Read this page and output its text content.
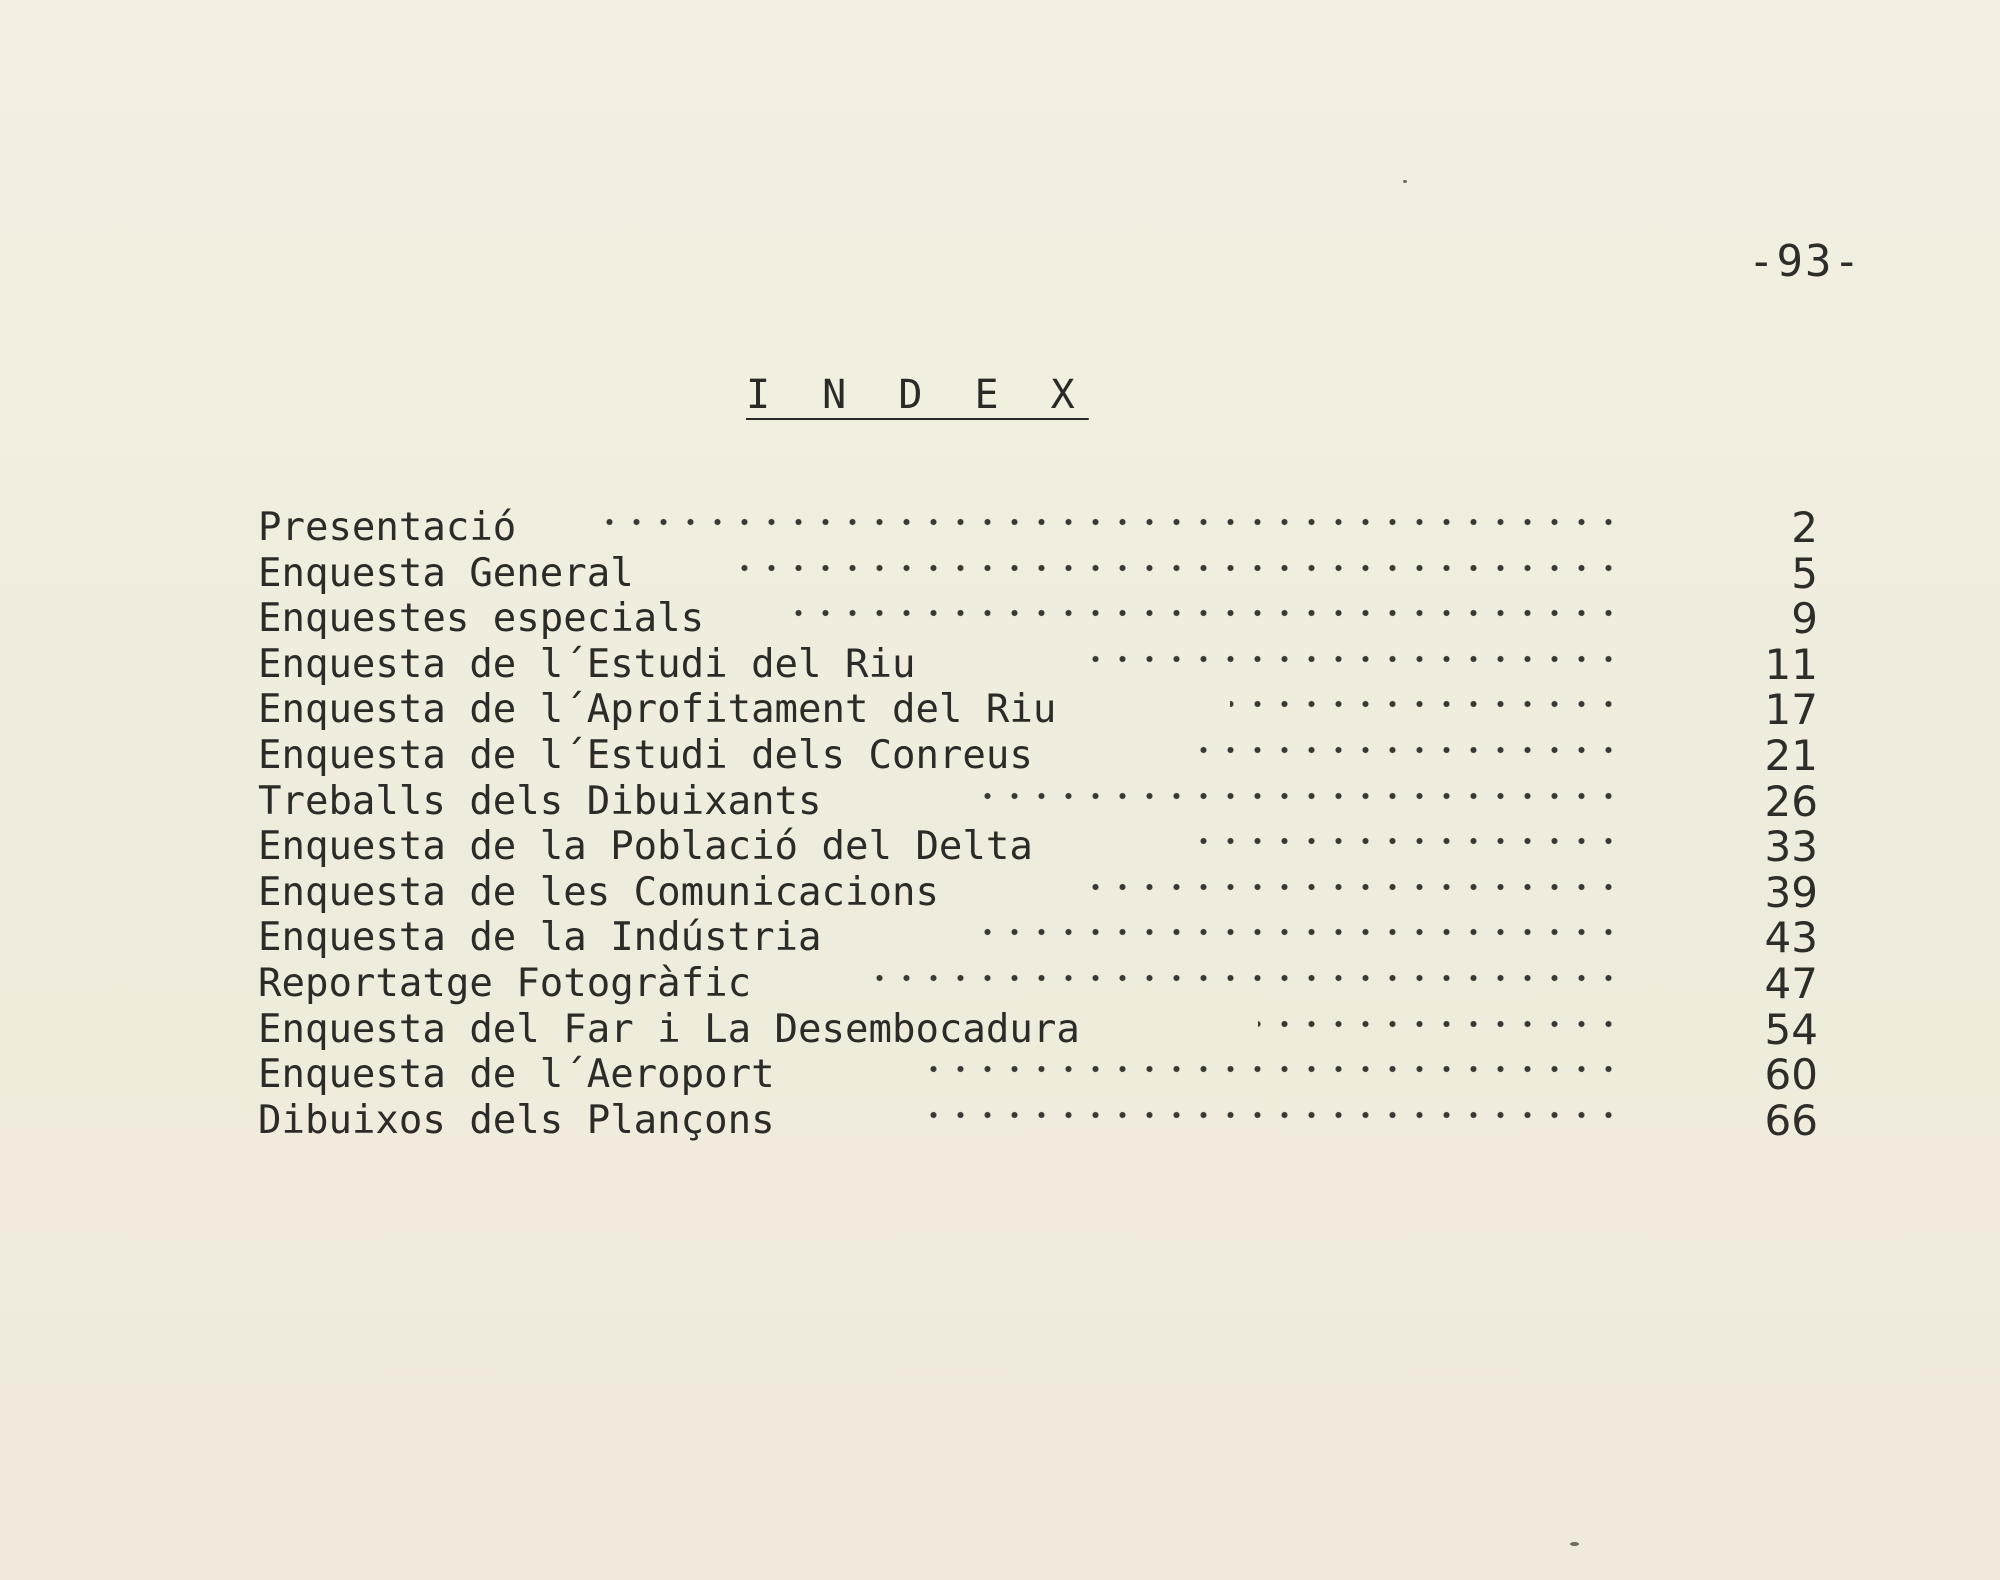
-93-
I N D E X
Presentació	2
Enquesta General	5
Enquestes especials	9
Enquesta de l´Estudi del Riu	11
Enquesta de l´Aprofitament del Riu	17
Enquesta de l´Estudi dels Conreus	21
Treballs dels Dibuixants	26
Enquesta de la Població del Delta	33
Enquesta de les Comunicacions	39
Enquesta de la Indústria	43
Reportatge Fotogràfic	47
Enquesta del Far i La Desembocadura	54
Enquesta de l´Aeroport	60
Dibuixos dels Plançons	66
